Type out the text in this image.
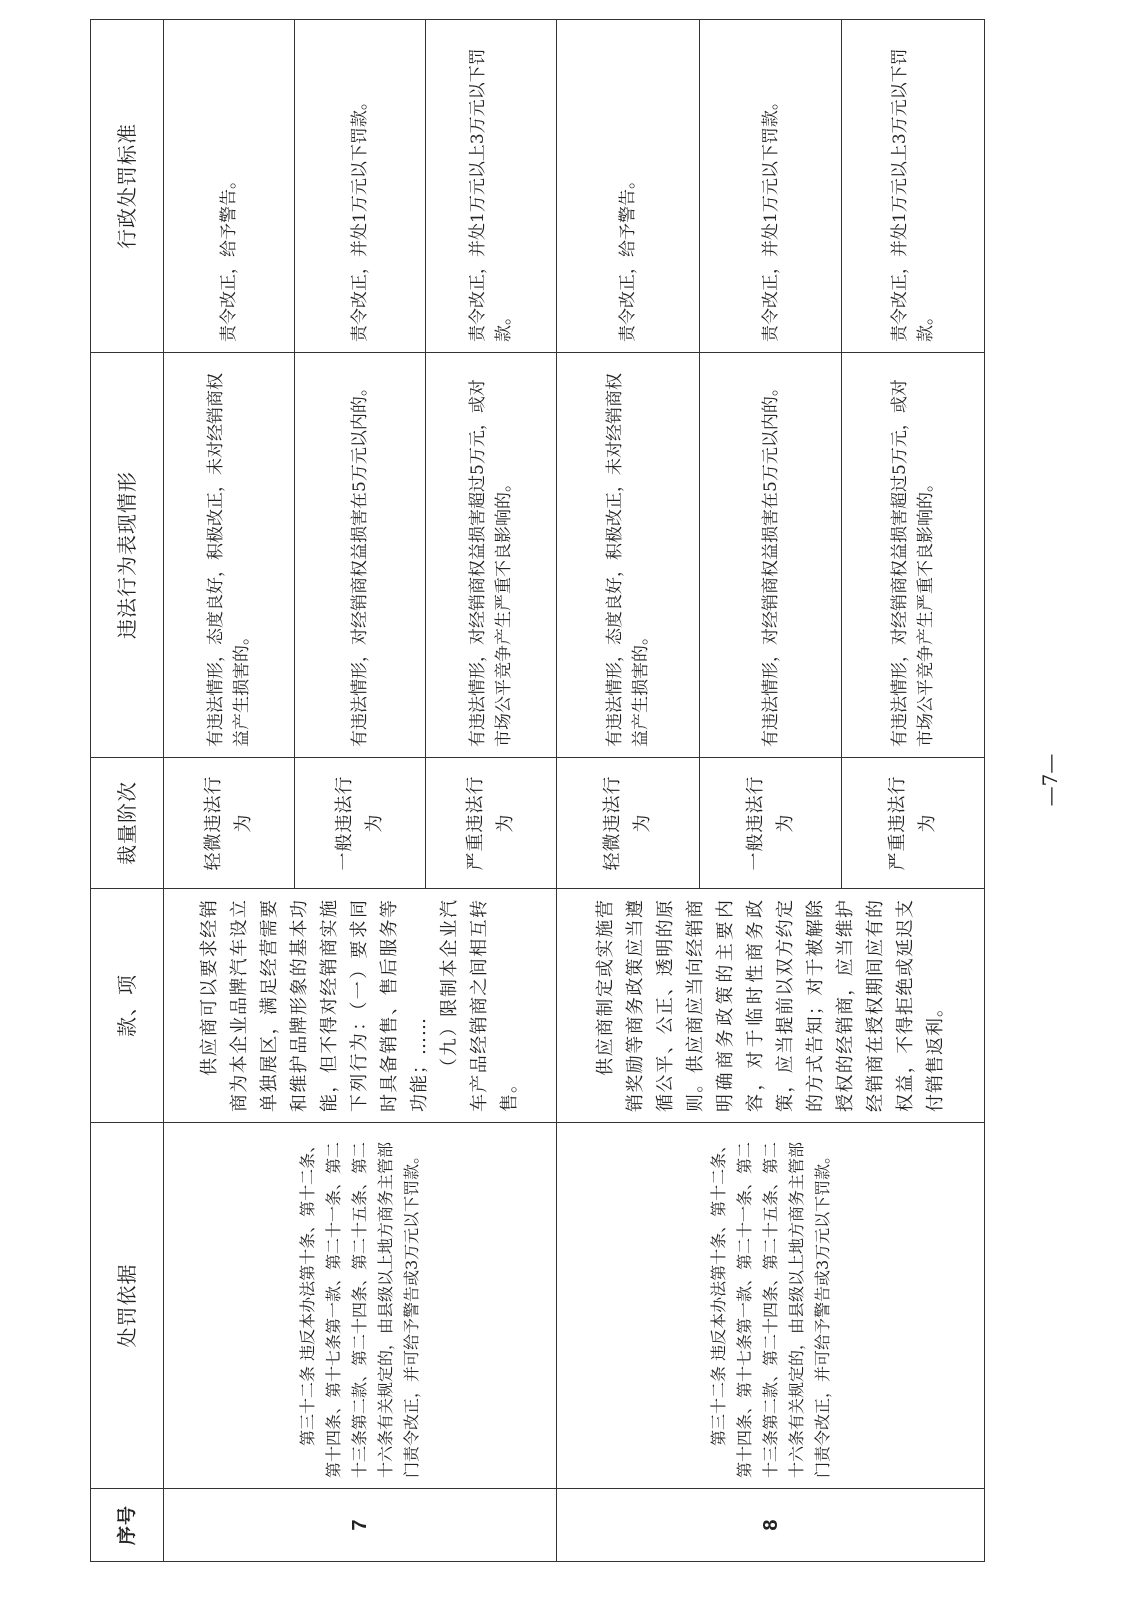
序号	处罚依据	款、项	裁量阶次	违法行为表现情形	行政处罚标准
7	第三十二条 违反本办法第十条、第十二条、第十四条、第十七条第一款、第二十一条、第二十三条第二款、第二十四条、第二十五条、第二十六条有关规定的，由县级以上地方商务主管部门责令改正，并可给予警告或3万元以下罚款。	供应商可以要求经销商为本企业品牌汽车设立单独展区，满足经营需要和维护品牌形象的基本功能，但不得对经销商实施下列行为：（一）要求同时具备销售、售后服务等功能；…… （九）限制本企业汽车产品经销商之间相互转售。	轻微违法行为	有违法情形，态度良好，积极改正，未对经销商权益产生损害的。	责令改正，给予警告。
			一般违法行为	有违法情形，对经销商权益损害在5万元以内的。	责令改正，并处1万元以下罚款。
			严重违法行为	有违法情形，对经销商权益损害超过5万元，或对市场公平竞争产生严重不良影响的。	责令改正，并处1万元以上3万元以下罚款。
8	第三十二条 违反本办法第十条、第十二条、第十四条、第十七条第一款、第二十一条、第二十三条第二款、第二十四条、第二十五条、第二十六条有关规定的，由县级以上地方商务主管部门责令改正，并可给予警告或3万元以下罚款。	供应商制定或实施营销奖励等商务政策应当遵循公平、公正、透明的原则。供应商应当向经销商明确商务政策的主要内容，对于临时性商务政策，应当提前以双方约定的方式告知；对于被解除授权的经销商，应当维护经销商在授权期间应有的权益，不得拒绝或延迟支付销售返利。	轻微违法行为	有违法情形，态度良好，积极改正，未对经销商权益产生损害的。	责令改正，给予警告。
			一般违法行为	有违法情形，对经销商权益损害在5万元以内的。	责令改正，并处1万元以下罚款。
			严重违法行为	有违法情形，对经销商权益损害超过5万元，或对市场公平竞争产生严重不良影响的。	责令改正，并处1万元以上3万元以下罚款。
—7—
